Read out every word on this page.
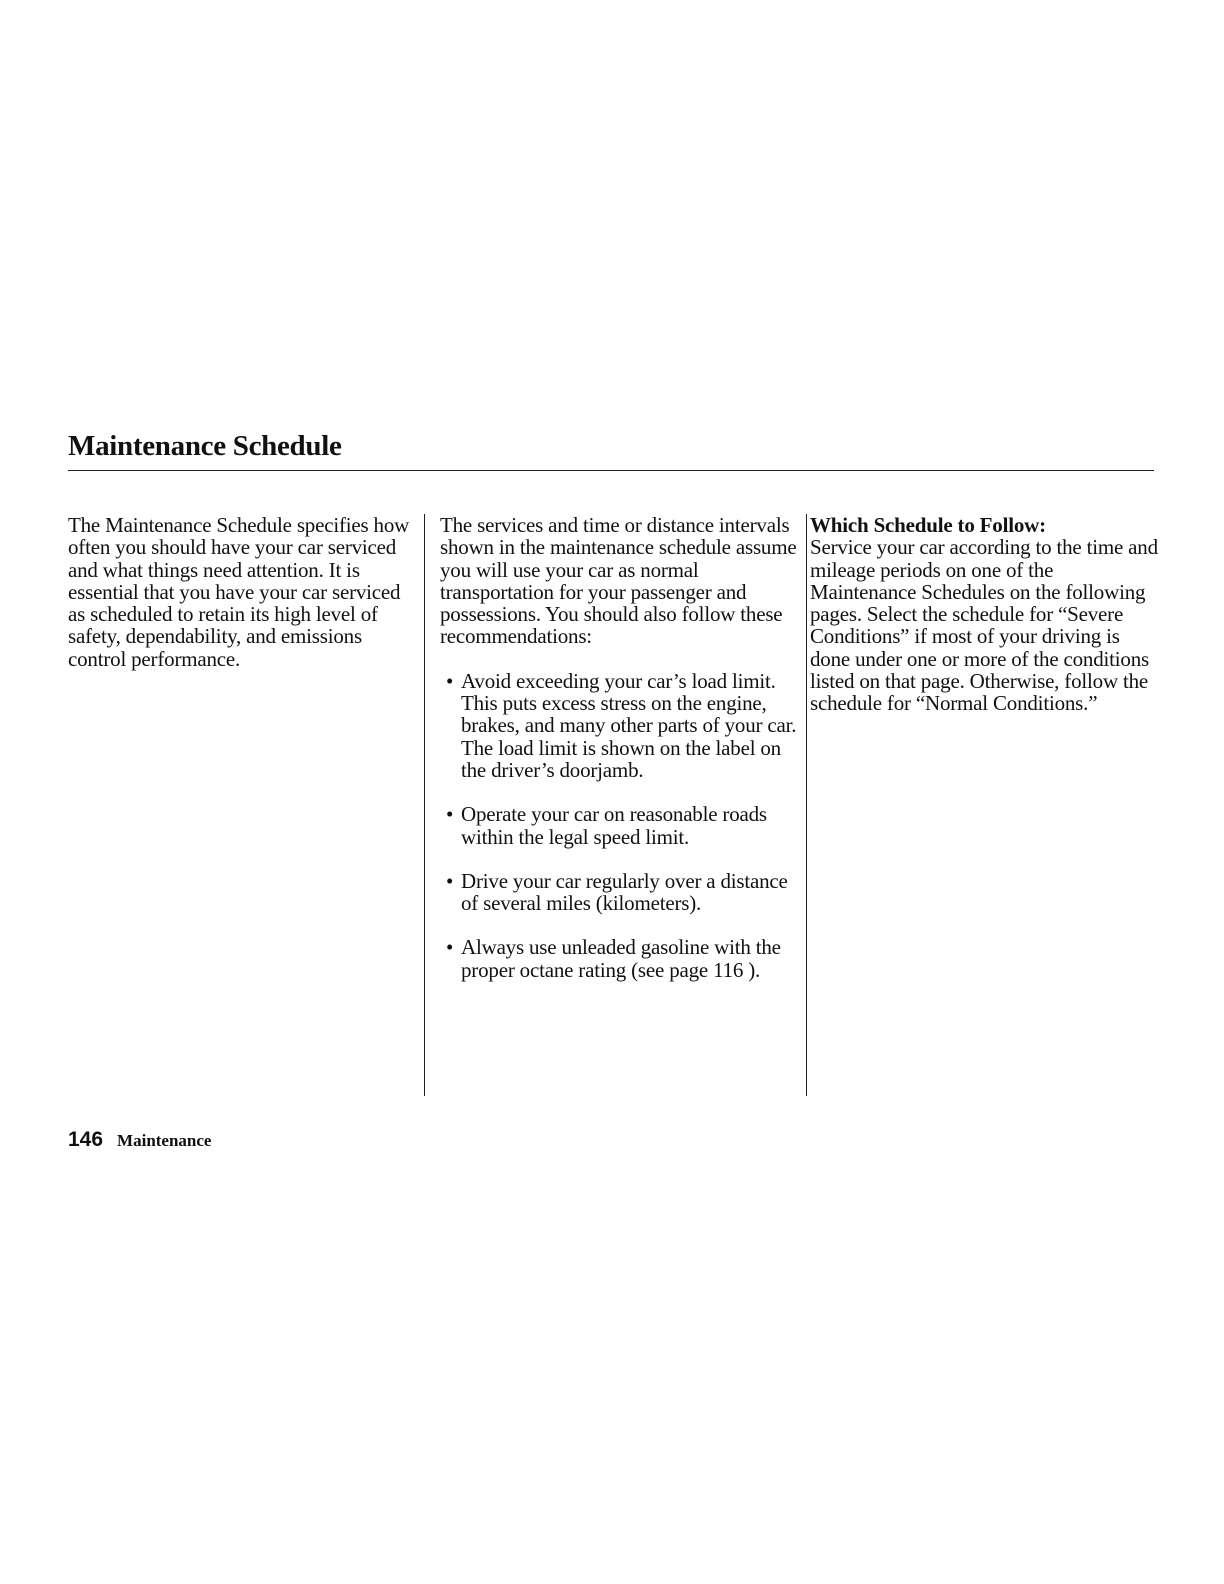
Maintenance Schedule

The Maintenance Schedule specifies how often you should have your car serviced and what things need attention. It is essential that you have your car serviced as scheduled to retain its high level of safety, dependability, and emissions control performance.

The services and time or distance intervals shown in the maintenance schedule assume you will use your car as normal transportation for your passenger and possessions. You should also follow these recommendations:

• Avoid exceeding your car’s load limit. This puts excess stress on the engine, brakes, and many other parts of your car. The load limit is shown on the label on the driver’s doorjamb.
• Operate your car on reasonable roads within the legal speed limit.
• Drive your car regularly over a distance of several miles (kilometers).
• Always use unleaded gasoline with the proper octane rating (see page 116 ).
Which Schedule to Follow:

Service your car according to the time and mileage periods on one of the Maintenance Schedules on the following pages. Select the schedule for “Severe Conditions” if most of your driving is done under one or more of the conditions listed on that page. Otherwise, follow the schedule for “Normal Conditions.”

146 Maintenance
